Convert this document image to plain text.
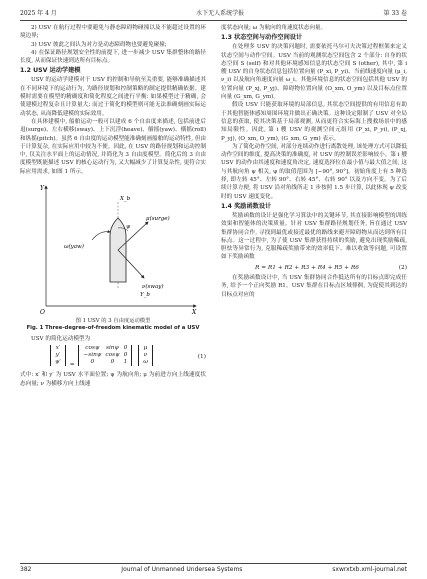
2025 年 4 月	水下无人系统学报	第 33 卷

2) USV 在航行过程中要避免与静态障碍物碰撞以及不能超过设置的环境边界;

3) USV 彼此之间认为对方是动态障碍物也要避免碰撞;

4) 在保证路径规划安全性的前提下, 进一步减少 USV 集群整体的路径长度, 从而保证快速到达所有目标点。

1.2 USV 运动学建模

USV 的运动学建模对于 USV 的控制和导航至关重要, 能够准确描述其在不同环境下的运动行为, 为路径规划和控制策略的制定提供精确依据。建模时需要在模型的精确度和简化程度之间进行平衡: 如果模型过于精确, 会使建模过程复杂且计算量大; 而过于简化的模型则可能无法准确刻画实际运动状态, 从而降低建模的实际效用。

在具体建模中, 船舶运动一般可以建成 6 个自由度来描述, 包括前进后退(surge)、左右横移(sway)、上下沉浮(heave)、艏摇(yaw)、横摇(roll)和纵摇(pitch)。虽然 6 自由度的运动模型能准确刻画船舶的运动特性, 但由于计算复杂, 在实际应用中较为不便。因此, 在 USV 的路径规划和运动控制中, 仅关注水平面上的运动情况, 并简化为 3 自由度模型。简化后的 3 自由度模型既能描述 USV 的核心运动行为, 又大幅减少了计算复杂性, 更符合实际应用需求, 如图 1 所示。

Y
X
O
μ(surge)
ν(sway)
X_b
Y_b
ω(yaw)
ψ
图 1 USV 的 3 自由度运动模型
Fig. 1 Three-degree-of-freedom kinematic model of a USV

USV 的简化运动模型为

x′
y′
ψ′ =
cosψ	sinψ	0
−sinψ	cosψ	0
0	0	1

μ
ν
ω
(1)

式中: x′ 和 y′ 为 USV 水平面位置; ψ 为航向角; μ 为前进方向上线速度状态向量; ν 为横移方向上线速

度状态向量; ω 为航向的角速度状态向量。

1.3 状态空间与动作空间设计

在处理多 USV 的决策问题时, 需要依托马尔可夫决策过程框架来定义状态空间与动作空间。USV 当前的观测状态空间包含 2 个部分: 自身的状态空间 S (self) 和对其他环境感知信息的状态空间 S (other), 其中, 第 i 艘 USV 的自身状态信息包括位置向量 (P_xi, P_yi)、当前线速度向量 (μ_i, ν_i) 以及航向角速度向量 ω_i。其他环境信息的状态空间包括其他 USV 的位置向量 (P_xj, P_yj)、障碍物位置向量 (O_xm, O_ym) 以及目标点位置向量 (G_xm, G_ym)。

假设 USV 只能获取环境的局部信息, 其状态空间提供的有用信息有助于其他智能体感知周围环境并做出正确决策。这种设定限制了 USV 对全局信息的获取, 使其决策基于局部观测, 从而更符合实际海上搜救场景中的感知局限性。因此, 第 i 艘 USV 的观测空间元组用 (P_xi, P_yi), (P_xj, P_yj), (O_xm, O_ym), (G_xm, G_ym) 表示。

为了简化动作空间, 对部分连续动作进行离散处理, 该处理方式可以降低动作空间的维度, 提高决策的准确度, 对 USV 的控制误差影响较小。第 i 艘 USV 的动作由其速度和速度角决定, 速度选择位在最小值与最大值之间, 这与其航向角 ψ 相关, ψ 的取值范围为 [−90°, 90°]。初始角度上有 5 种选择, 即左转 45°、左转 90°、右转 45°、右转 90° 以及方向不变。为了后续计算方便, 将 USV 沿对角线所走 1 步按照 1.5 步计算, 以此体现 ψ 改变时的 USV 速度变化。

1.4 奖励函数设计

奖励函数的设计是强化学习算法中的关键环节, 其直接影响模型的训练效果和智能体的决策质量。针对 USV 集群路径规划任务, 旨在通过 USV 集群协同合作, 寻找到最优或接近最优的路线来避开障碍物从而达到所有目标点。这一过程中, 为了使 USV 集群获得持续的奖励, 避免出现奖励稀疏, 胆怯等异常行为, 克服稀疏奖励带来的效率低下、难以收敛等问题, 可设置如下奖励函数

R = R1 + R2 + R3 + R4 + R5 + R6	(2)

在奖励函数设计中, 当 USV 集群协同合作抵达所有的目标点即完成任务, 给予一个正向奖励 R1。USV 集群在目标点区域徘徊, 为促使其到达的目标点对应的

382	Journal of Unmanned Undersea Systems	sxwrxtxb.xml-journal.net
